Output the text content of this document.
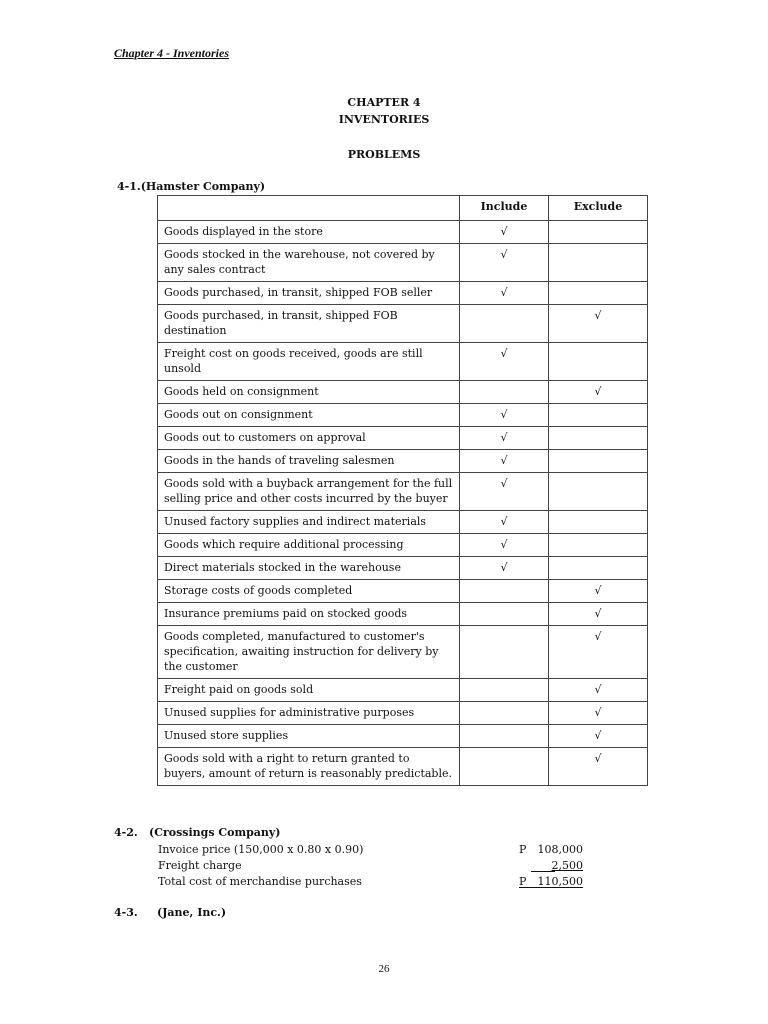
Chapter 4 - Inventories
CHAPTER 4
INVENTORIES
PROBLEMS
4-1.(Hamster Company)
	Include	Exclude
Goods displayed in the store	√	
Goods stocked in the warehouse, not covered by any sales contract	√	
Goods purchased, in transit, shipped FOB seller	√	
Goods purchased, in transit, shipped FOB destination		√
Freight cost on goods received, goods are still unsold	√	
Goods held on consignment		√
Goods out on consignment	√	
Goods out to customers on approval	√	
Goods in the hands of traveling salesmen	√	
Goods sold with a buyback arrangement for the full selling price and other costs incurred by the buyer	√	
Unused factory supplies and indirect materials	√	
Goods which require additional processing	√	
Direct materials stocked in the warehouse	√	
Storage costs of goods completed		√
Insurance premiums paid on stocked goods		√
Goods completed, manufactured to customer's specification, awaiting instruction for delivery by the customer		√
Freight paid on goods sold		√
Unused supplies for administrative purposes		√
Unused store supplies		√
Goods sold with a right to return granted to buyers, amount of return is reasonably predictable.		√
4-2. (Crossings Company)
Invoice price (150,000 x 0.80 x 0.90)	P	108,000
Freight charge	2,500
Total cost of merchandise purchases	P	110,500
4-3. (Jane, Inc.)
26
